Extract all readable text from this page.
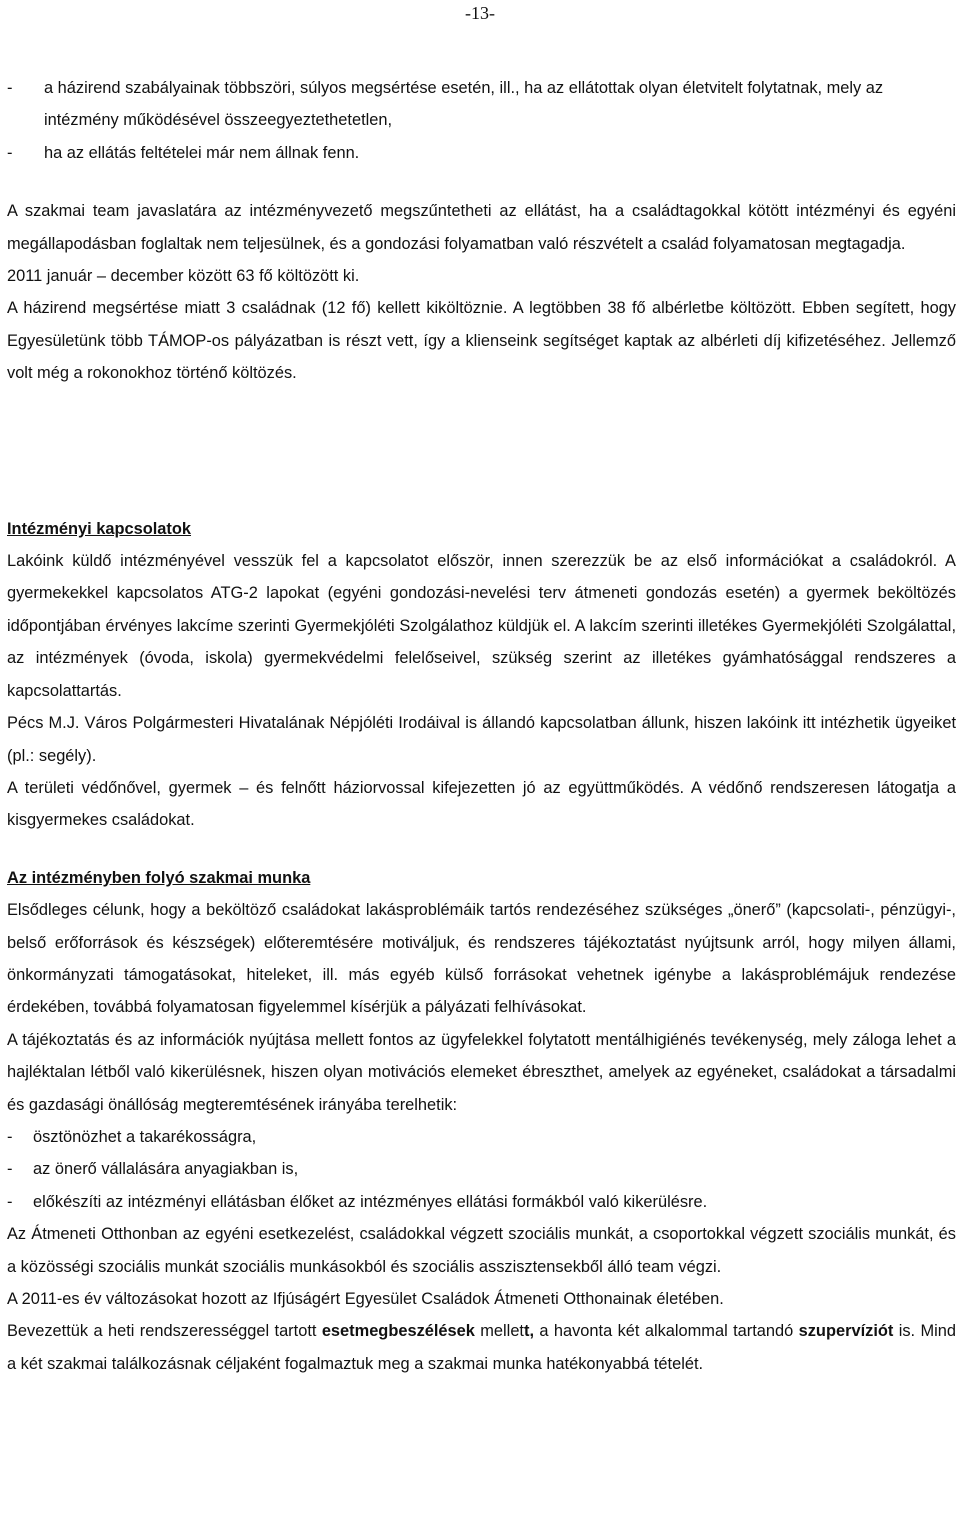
-13-
-	a házirend szabályainak többszöri, súlyos megsértése esetén, ill., ha az ellátottak olyan életvitelt folytatnak, mely az intézmény működésével összeegyeztethetetlen,
-	ha az ellátás feltételei már nem állnak fenn.

A szakmai team javaslatára az intézményvezető megszűntetheti az ellátást, ha a családtagokkal kötött intézményi és egyéni megállapodásban foglaltak nem teljesülnek, és a gondozási folyamatban való részvételt a család folyamatosan megtagadja.

2011 január – december között 63 fő költözött ki.

A házirend megsértése miatt 3 családnak (12 fő) kellett kiköltöznie. A legtöbben 38 fő albérletbe költözött. Ebben segített, hogy Egyesületünk több TÁMOP-os pályázatban is részt vett, így a klienseink segítséget kaptak az albérleti díj kifizetéséhez. Jellemző volt még a rokonokhoz történő költözés.

Intézményi kapcsolatok

Lakóink küldő intézményével vesszük fel a kapcsolatot először, innen szerezzük be az első információkat a családokról. A gyermekekkel kapcsolatos ATG-2 lapokat (egyéni gondozási-nevelési terv átmeneti gondozás esetén) a gyermek beköltözés időpontjában érvényes lakcíme szerinti Gyermekjóléti Szolgálathoz küldjük el. A lakcím szerinti illetékes Gyermekjóléti Szolgálattal, az intézmények (óvoda, iskola) gyermekvédelmi felelőseivel, szükség szerint az illetékes gyámhatósággal rendszeres a kapcsolattartás.

Pécs M.J. Város Polgármesteri Hivatalának Népjóléti Irodáival is állandó kapcsolatban állunk, hiszen lakóink itt intézhetik ügyeiket (pl.: segély).

A területi védőnővel, gyermek – és felnőtt háziorvossal kifejezetten jó az együttműködés. A védőnő rendszeresen látogatja a kisgyermekes családokat.

Az intézményben folyó szakmai munka

Elsődleges célunk, hogy a beköltöző családokat lakásproblémáik tartós rendezéséhez szükséges „önerő” (kapcsolati-, pénzügyi-, belső erőforrások és készségek) előteremtésére motiváljuk, és rendszeres tájékoztatást nyújtsunk arról, hogy milyen állami, önkormányzati támogatásokat, hiteleket, ill. más egyéb külső forrásokat vehetnek igénybe a lakásproblémájuk rendezése érdekében, továbbá folyamatosan figyelemmel kísérjük a pályázati felhívásokat.

A tájékoztatás és az információk nyújtása mellett fontos az ügyfelekkel folytatott mentálhigiénés tevékenység, mely záloga lehet a hajléktalan létből való kikerülésnek, hiszen olyan motivációs elemeket ébreszthet, amelyek az egyéneket, családokat a társadalmi és gazdasági önállóság megteremtésének irányába terelhetik:

-	ösztönözhet a takarékosságra,
-	az önerő vállalására anyagiakban is,
-	előkészíti az intézményi ellátásban élőket az intézményes ellátási formákból való kikerülésre.

Az Átmeneti Otthonban az egyéni esetkezelést, családokkal végzett szociális munkát, a csoportokkal végzett szociális munkát, és a közösségi szociális munkát szociális munkásokból és szociális asszisztensekből álló team végzi.

A 2011-es év változásokat hozott az Ifjúságért Egyesület Családok Átmeneti Otthonainak életében.

Bevezettük a heti rendszerességgel tartott esetmegbeszélések mellett, a havonta két alkalommal tartandó szupervíziót is. Mind a két szakmai találkozásnak céljaként fogalmaztuk meg a szakmai munka hatékonyabbá tételét.
